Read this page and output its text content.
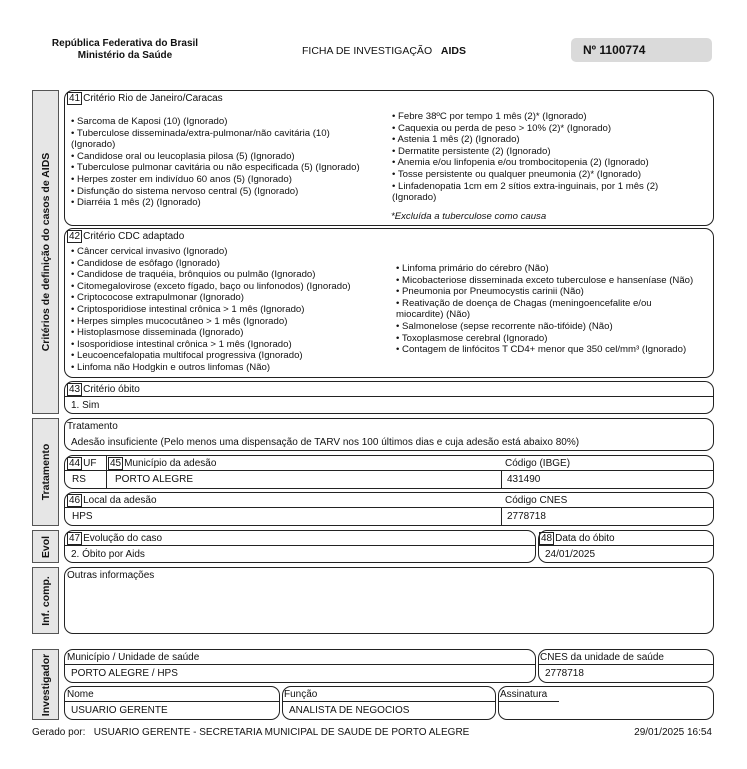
República Federativa do Brasil
Ministério da Saúde	FICHA DE INVESTIGAÇÃO AIDS	Nº 1100774
Critérios de definição do casos de AIDS
Tratamento
Evol
Inf. comp.
Investigador
41 Critério Rio de Janeiro/Caracas
• Sarcoma de Kaposi (10) (Ignorado)
• Tuberculose disseminada/extra-pulmonar/não cavitária (10)
(Ignorado)
• Candidose oral ou leucoplasia pilosa (5) (Ignorado)
• Tuberculose pulmonar cavitária ou não especificada (5) (Ignorado)
• Herpes zoster em indivíduo 60 anos (5) (Ignorado)
• Disfunção do sistema nervoso central (5) (Ignorado)
• Diarréia 1 mês (2) (Ignorado)
• Febre 38ºC por tempo 1 mês (2)* (Ignorado)
• Caquexia ou perda de peso > 10% (2)* (Ignorado)
• Astenia 1 mês (2) (Ignorado)
• Dermatite persistente (2) (Ignorado)
• Anemia e/ou linfopenia e/ou trombocitopenia (2) (Ignorado)
• Tosse persistente ou qualquer pneumonia (2)* (Ignorado)
• Linfadenopatia 1cm em 2 sítios extra-inguinais, por 1 mês (2)
(Ignorado)
*Excluída a tuberculose como causa
42 Critério CDC adaptado
• Câncer cervical invasivo (Ignorado)
• Candidose de esôfago (Ignorado)
• Candidose de traquéia, brônquios ou pulmão (Ignorado)
• Citomegalovirose (exceto fígado, baço ou linfonodos) (Ignorado)
• Criptococose extrapulmonar (Ignorado)
• Criptosporidiose intestinal crônica > 1 mês (Ignorado)
• Herpes simples mucocutâneo > 1 mês (Ignorado)
• Histoplasmose disseminada (Ignorado)
• Isosporidiose intestinal crônica > 1 mês (Ignorado)
• Leucoencefalopatia multifocal progressiva (Ignorado)
• Linfoma não Hodgkin e outros linfomas (Não)
• Linfoma primário do cérebro (Não)
• Micobacteriose disseminada exceto tuberculose e hanseníase (Não)
• Pneumonia por Pneumocystis carinii (Não)
• Reativação de doença de Chagas (meningoencefalite e/ou
miocardite) (Não)
• Salmonelose (sepse recorrente não-tifóide) (Não)
• Toxoplasmose cerebral (Ignorado)
• Contagem de linfócitos T CD4+ menor que 350 cel/mm³ (Ignorado)
43 Critério óbito
1. Sim
Tratamento
Adesão insuficiente (Pelo menos uma dispensação de TARV nos 100 últimos dias e cuja adesão está abaixo 80%)
44 UF 45 Município da adesão	Código (IBGE)
RS	PORTO ALEGRE	431490
46 Local da adesão	Código CNES
HPS	2778718
47 Evolução do caso
2. Óbito por Aids
48 Data do óbito
24/01/2025
Outras informações
Município / Unidade de saúde
PORTO ALEGRE / HPS
CNES da unidade de saúde
2778718
Nome
USUARIO GERENTE
Função
ANALISTA DE NEGOCIOS
Assinatura
Gerado por:   USUARIO GERENTE - SECRETARIA MUNICIPAL DE SAUDE DE PORTO ALEGRE	29/01/2025 16:54
